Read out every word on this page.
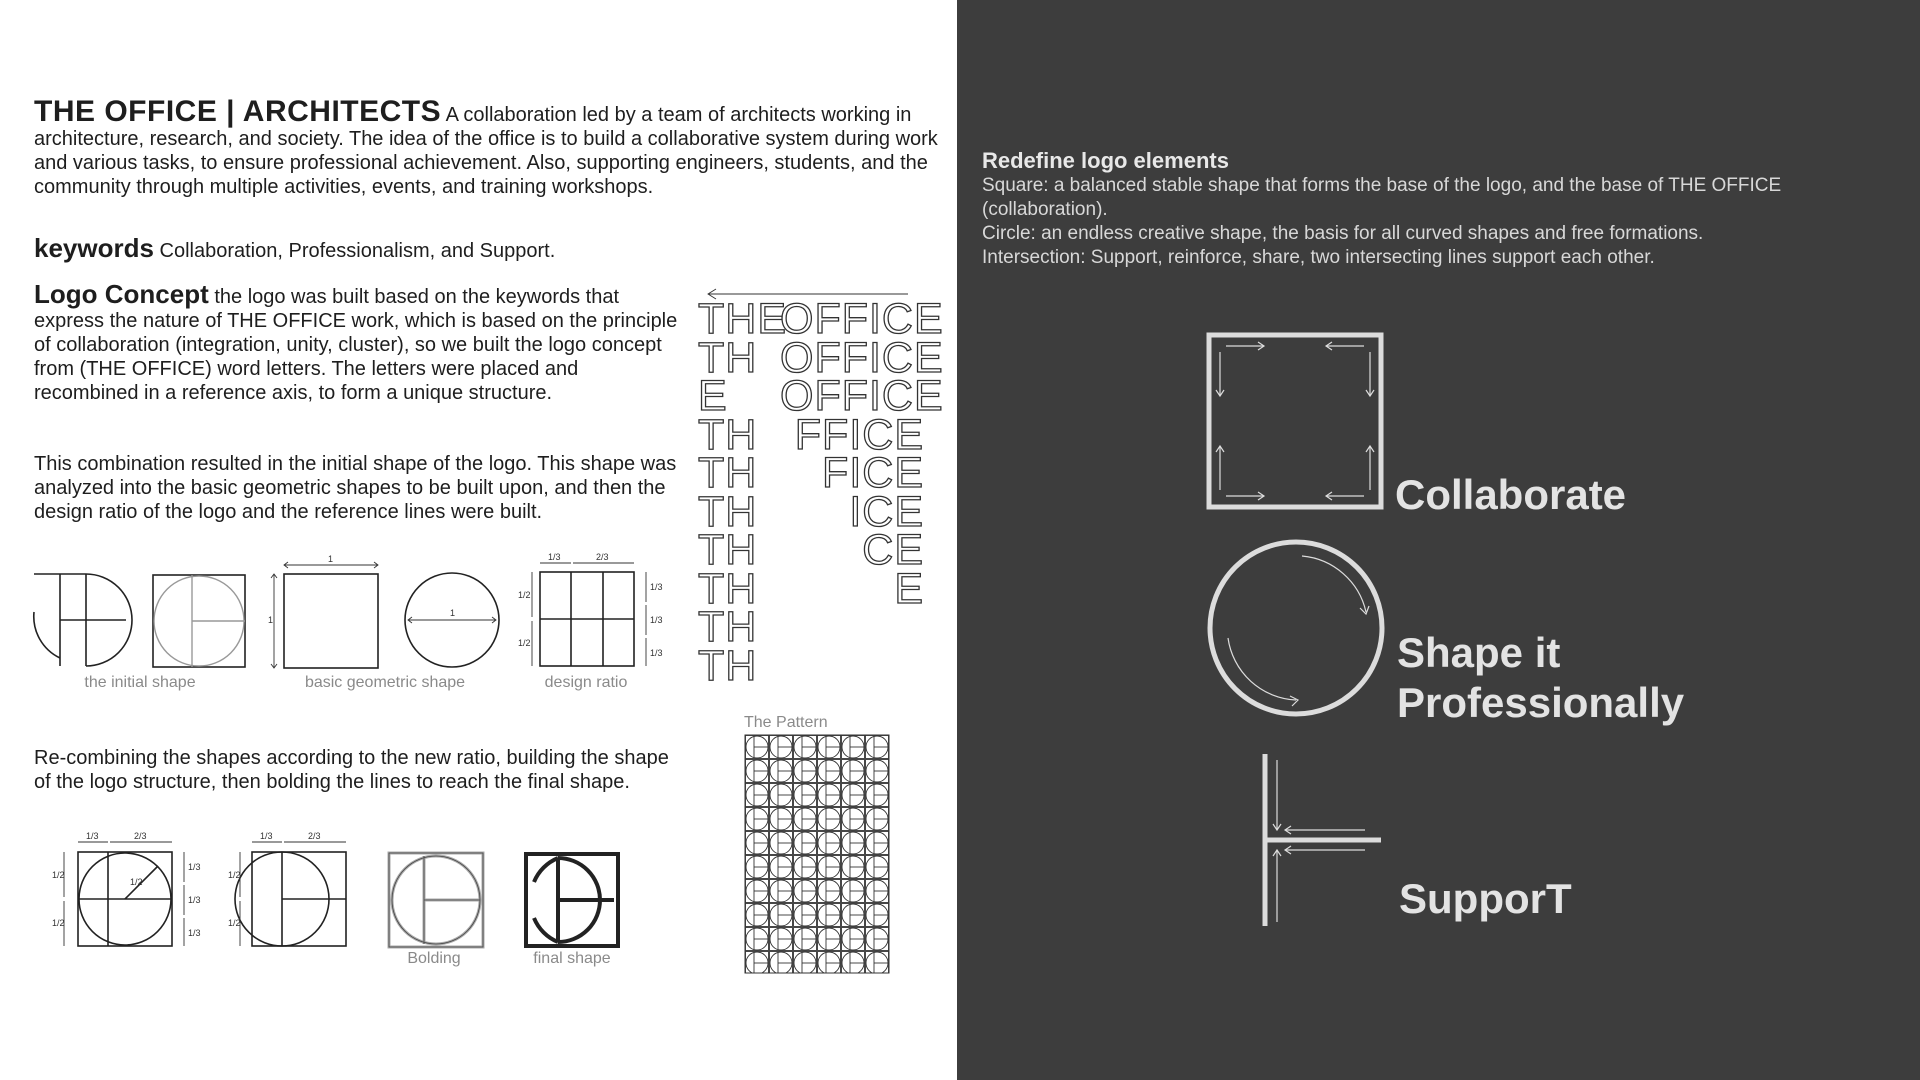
THE OFFICE | ARCHITECTS A collaboration led by a team of architects working in architecture, research, and society. The idea of the office is to build a collaborative system during work and various tasks, to ensure professional achievement. Also, supporting engineers, students, and the community through multiple activities, events, and training workshops.
keywords Collaboration, Professionalism, and Support.
Logo Concept the logo was built based on the keywords that express the nature of THE OFFICE work, which is based on the principle of collaboration (integration, unity, cluster), so we built the logo concept from (THE OFFICE) word letters. The letters were placed and recombined in a reference axis, to form a unique structure.
This combination resulted in the initial shape of the logo. This shape was analyzed into the basic geometric shapes to be built upon, and then the design ratio of the logo and the reference lines were built.
the initial shape
1
1
1
basic geometric shape
1/3	2/3
1/2
1/2
1/3
1/3
1/3
design ratio
THE
TH E
TH
TH
TH
TH
TH
TH
TH
OFFICE
OFFICE
OFFICE
FFICE
FICE
ICE
CE
E
Re-combining the shapes according to the new ratio, building the shape of the logo structure, then bolding the lines to reach the final shape.
1/2
1/3	2/3
1/2
1/2
1/3
1/3
1/3
1/3	2/3
1/2
1/2
Bolding	final shape
The Pattern
Redefine logo elements
Square: a balanced stable shape that forms the base of the logo, and the base of THE OFFICE (collaboration).
Circle: an endless creative shape, the basis for all curved shapes and free formations.
Intersection: Support, reinforce, share, two intersecting lines support each other.
Collaborate
Shape it
Professionally
SupporT
